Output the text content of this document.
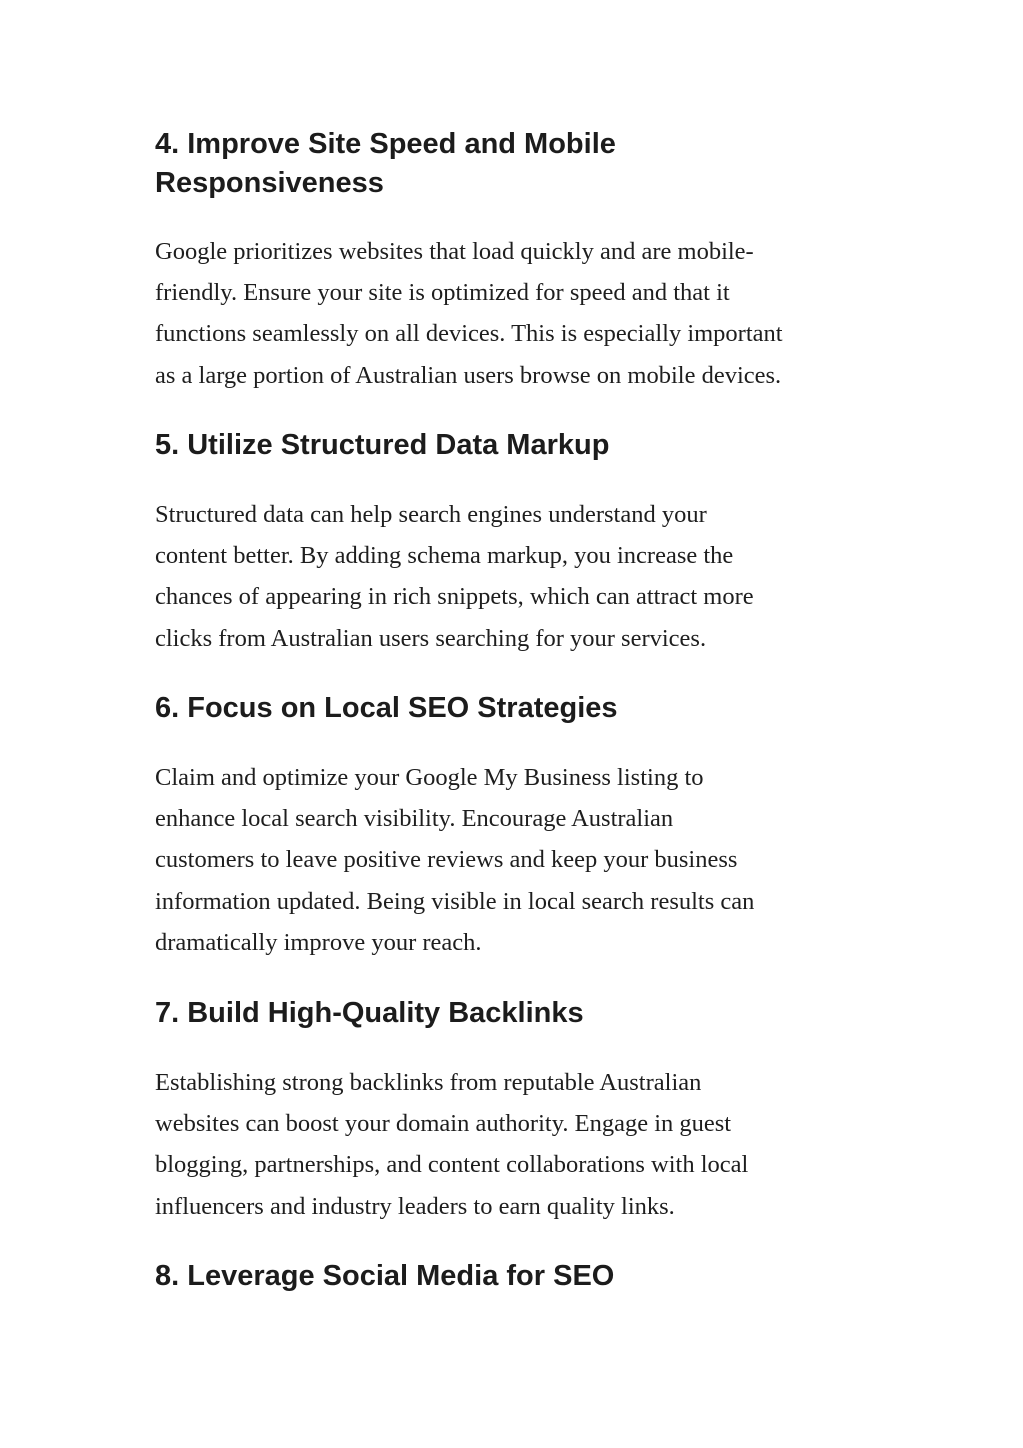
4. Improve Site Speed and Mobile
Responsiveness

Google prioritizes websites that load quickly and are mobile-
friendly. Ensure your site is optimized for speed and that it
functions seamlessly on all devices. This is especially important
as a large portion of Australian users browse on mobile devices.

5. Utilize Structured Data Markup

Structured data can help search engines understand your
content better. By adding schema markup, you increase the
chances of appearing in rich snippets, which can attract more
clicks from Australian users searching for your services.

6. Focus on Local SEO Strategies

Claim and optimize your Google My Business listing to
enhance local search visibility. Encourage Australian
customers to leave positive reviews and keep your business
information updated. Being visible in local search results can
dramatically improve your reach.

7. Build High-Quality Backlinks

Establishing strong backlinks from reputable Australian
websites can boost your domain authority. Engage in guest
blogging, partnerships, and content collaborations with local
influencers and industry leaders to earn quality links.

8. Leverage Social Media for SEO
